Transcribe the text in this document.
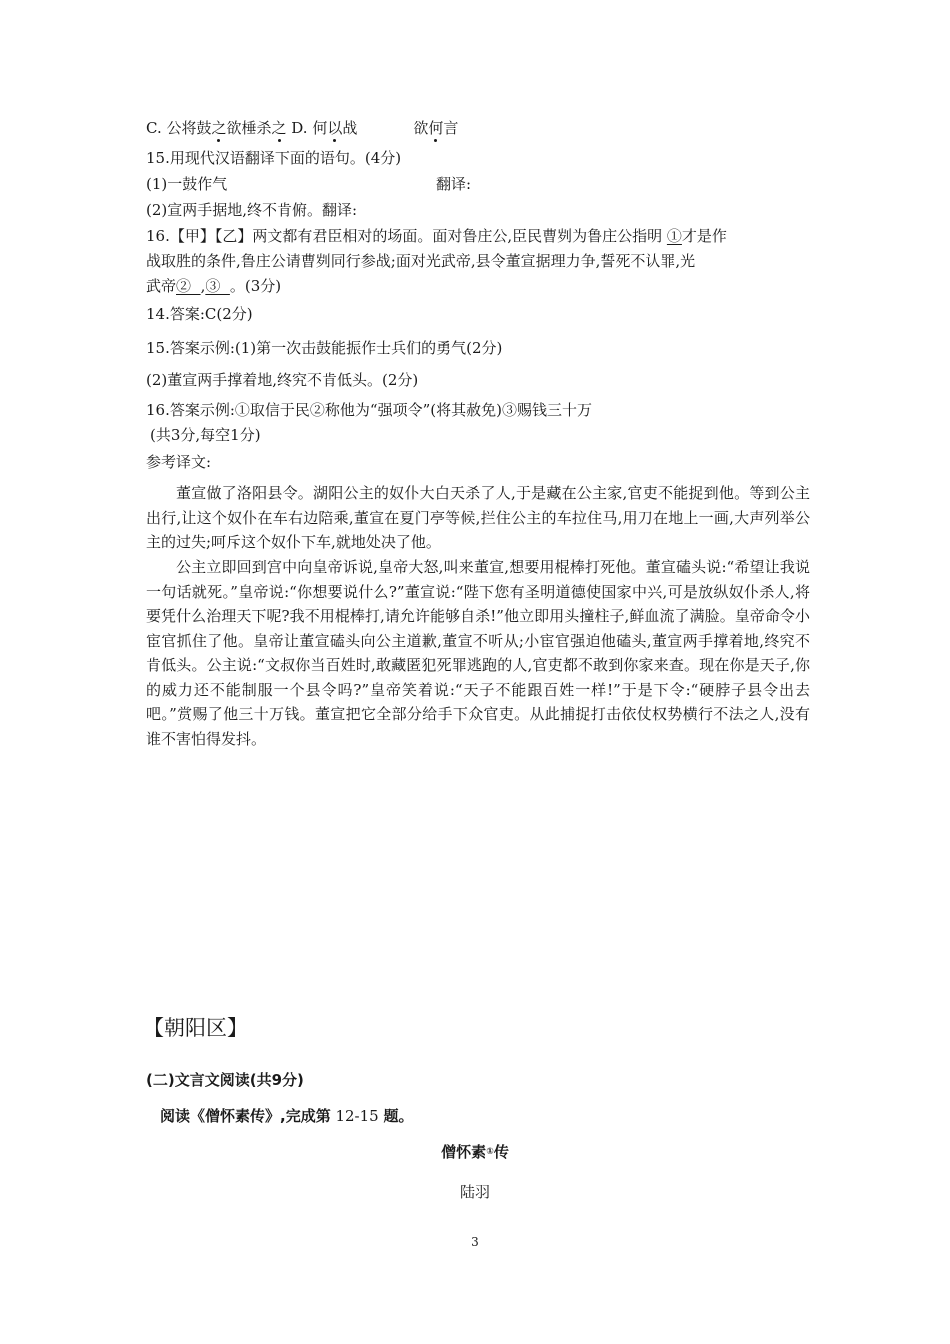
C. 公将鼓之欲棰杀之 D. 何以战	欲何言
15.用现代汉语翻译下面的语句。(4分)
(1)一鼓作气	翻译:
(2)宣两手据地,终不肯俯。翻译:
16.【甲】【乙】两文都有君臣相对的场面。面对鲁庄公,臣民曹刿为鲁庄公指明 ①才是作
战取胜的条件,鲁庄公请曹刿同行参战;面对光武帝,县令董宣据理力争,誓死不认罪,光
武帝②  ,③  。(3分)
14.答案:C(2分)
15.答案示例:(1)第一次击鼓能振作士兵们的勇气(2分)
(2)董宣两手撑着地,终究不肯低头。(2分)
16.答案示例:①取信于民②称他为“强项令”(将其赦免)③赐钱三十万
(共3分,每空1分)
参考译文:
董宣做了洛阳县令。湖阳公主的奴仆大白天杀了人,于是藏在公主家,官吏不能捉到他。等到公主出行,让这个奴仆在车右边陪乘,董宣在夏门亭等候,拦住公主的车拉住马,用刀在地上一画,大声列举公主的过失;呵斥这个奴仆下车,就地处决了他。
公主立即回到宫中向皇帝诉说,皇帝大怒,叫来董宣,想要用棍棒打死他。董宣磕头说:“希望让我说一句话就死。”皇帝说:“你想要说什么?”董宣说:“陛下您有圣明道德使国家中兴,可是放纵奴仆杀人,将要凭什么治理天下呢?我不用棍棒打,请允许能够自杀!”他立即用头撞柱子,鲜血流了满脸。皇帝命令小宦官抓住了他。皇帝让董宣磕头向公主道歉,董宣不听从;小宦官强迫他磕头,董宣两手撑着地,终究不肯低头。公主说:“文叔你当百姓时,敢藏匿犯死罪逃跑的人,官吏都不敢到你家来查。现在你是天子,你的威力还不能制服一个县令吗?”皇帝笑着说:“天子不能跟百姓一样!”于是下令:“硬脖子县令出去吧。”赏赐了他三十万钱。董宣把它全部分给手下众官吏。从此捕捉打击依仗权势横行不法之人,没有谁不害怕得发抖。
【朝阳区】
(二)文言文阅读(共9分)
阅读《僧怀素传》,完成第 12-15 题。
僧怀素①传
陆羽
3
